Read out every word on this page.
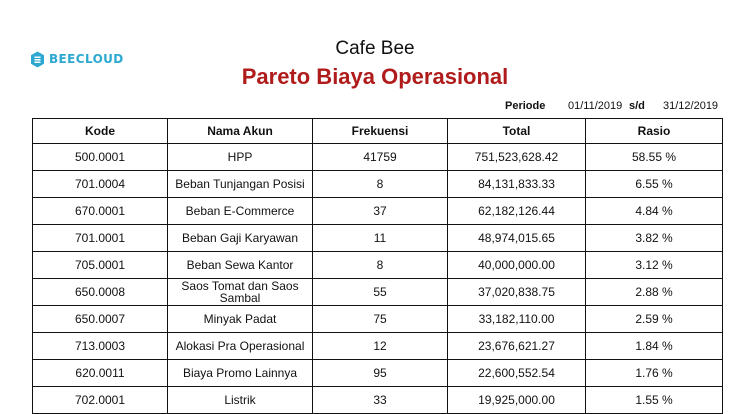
BEECLOUD	Cafe Bee
Pareto Biaya Operasional
Periode 01/11/2019 s/d 31/12/2019
Kode	Nama Akun	Frekuensi	Total	Rasio
500.0001	HPP	41759	751,523,628.42	58.55 %
701.0004	Beban Tunjangan Posisi	8	84,131,833.33	6.55 %
670.0001	Beban E-Commerce	37	62,182,126.44	4.84 %
701.0001	Beban Gaji Karyawan	11	48,974,015.65	3.82 %
705.0001	Beban Sewa Kantor	8	40,000,000.00	3.12 %
650.0008	Saos Tomat dan Saos Sambal	55	37,020,838.75	2.88 %
650.0007	Minyak Padat	75	33,182,110.00	2.59 %
713.0003	Alokasi Pra Operasional	12	23,676,621.27	1.84 %
620.0011	Biaya Promo Lainnya	95	22,600,552.54	1.76 %
702.0001	Listrik	33	19,925,000.00	1.55 %
